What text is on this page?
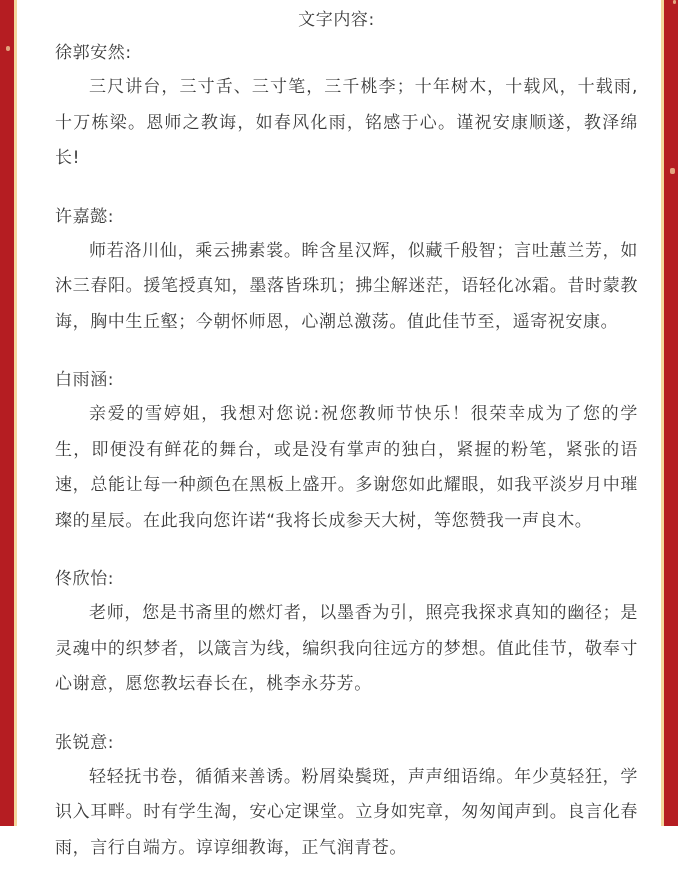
文字内容:
徐郭安然:

三尺讲台，三寸舌、三寸笔，三千桃李；十年树木，十载风，十载雨,十万栋梁。恩师之教诲，如春风化雨，铭感于心。谨祝安康顺遂，教泽绵长!

许嘉懿:

师若洛川仙，乘云拂素裳。眸含星汉辉，似藏千般智；言吐蕙兰芳，如沐三春阳。援笔授真知，墨落皆珠玑；拂尘解迷茫，语轻化冰霜。昔时蒙教诲，胸中生丘壑；今朝怀师恩，心潮总激荡。值此佳节至，遥寄祝安康。

白雨涵:

亲爱的雪婷姐，我想对您说:祝您教师节快乐！很荣幸成为了您的学生，即便没有鲜花的舞台，或是没有掌声的独白，紧握的粉笔，紧张的语速，总能让每一种颜色在黑板上盛开。多谢您如此耀眼，如我平淡岁月中璀璨的星辰。在此我向您许诺“我将长成参天大树，等您赞我一声良木。

佟欣怡:

老师，您是书斋里的燃灯者，以墨香为引，照亮我探求真知的幽径；是灵魂中的织梦者，以箴言为线，编织我向往远方的梦想。值此佳节，敬奉寸心谢意，愿您教坛春长在，桃李永芬芳。

张锐意:

轻轻抚书卷，循循来善诱。粉屑染鬓斑，声声细语绵。年少莫轻狂，学识入耳畔。时有学生淘，安心定课堂。立身如宪章，匆匆闻声到。良言化春雨，言行自端方。谆谆细教诲，正气润青苍。
